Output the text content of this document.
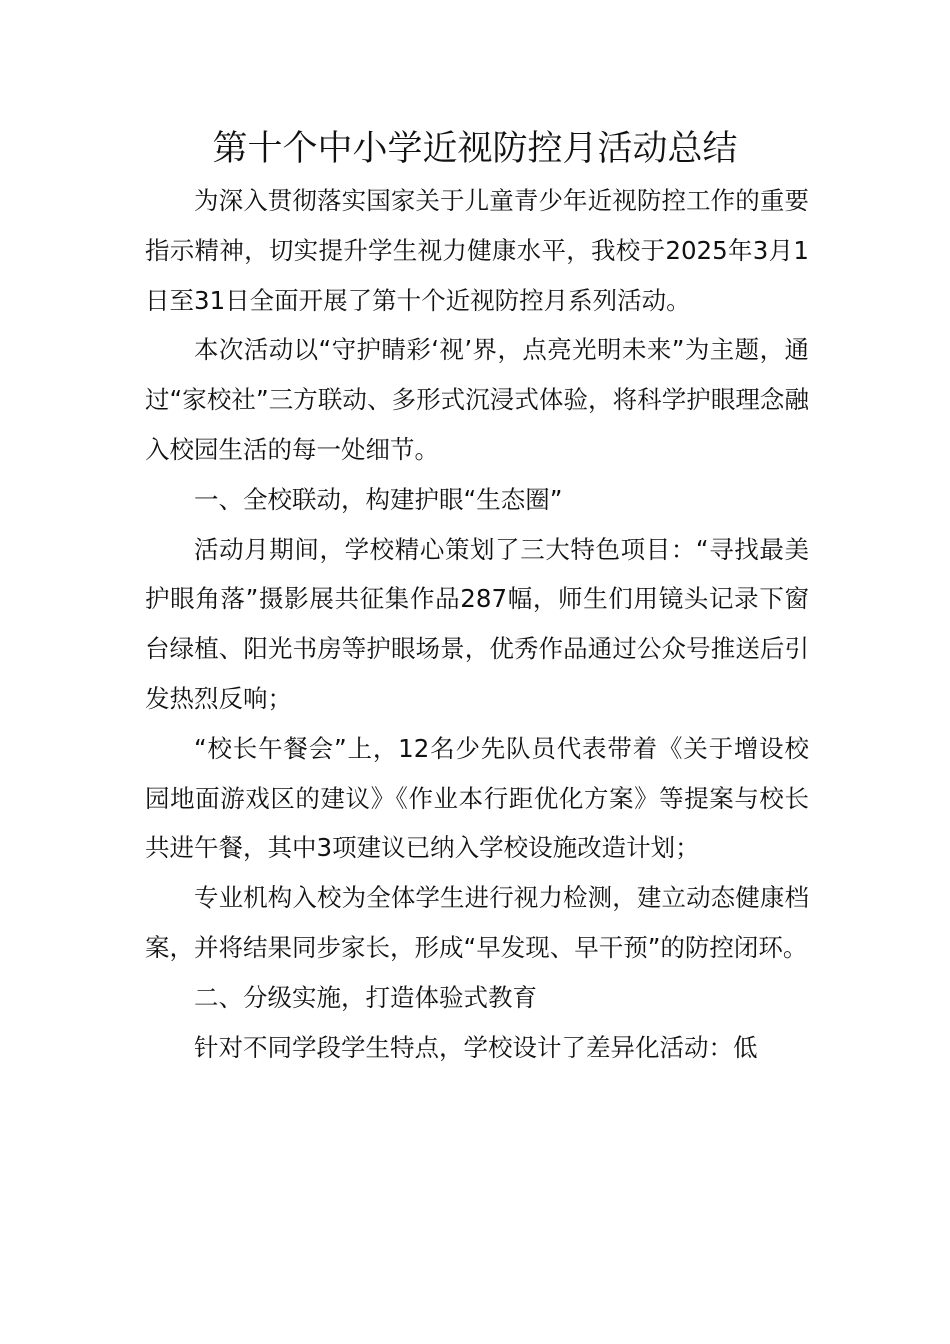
第十个中小学近视防控月活动总结

为深入贯彻落实国家关于儿童青少年近视防控工作的重要指示精神，切实提升学生视力健康水平，我校于2025年3月1日至31日全面开展了第十个近视防控月系列活动。

本次活动以“守护睛彩‘视’界，点亮光明未来”为主题，通过“家校社”三方联动、多形式沉浸式体验，将科学护眼理念融入校园生活的每一处细节。

一、全校联动，构建护眼“生态圈”

活动月期间，学校精心策划了三大特色项目：“寻找最美护眼角落”摄影展共征集作品287幅，师生们用镜头记录下窗台绿植、阳光书房等护眼场景，优秀作品通过公众号推送后引发热烈反响；

“校长午餐会”上，12名少先队员代表带着《关于增设校园地面游戏区的建议》《作业本行距优化方案》等提案与校长共进午餐，其中3项建议已纳入学校设施改造计划；

专业机构入校为全体学生进行视力检测，建立动态健康档案，并将结果同步家长，形成“早发现、早干预”的防控闭环。

二、分级实施，打造体验式教育

针对不同学段学生特点，学校设计了差异化活动：低
